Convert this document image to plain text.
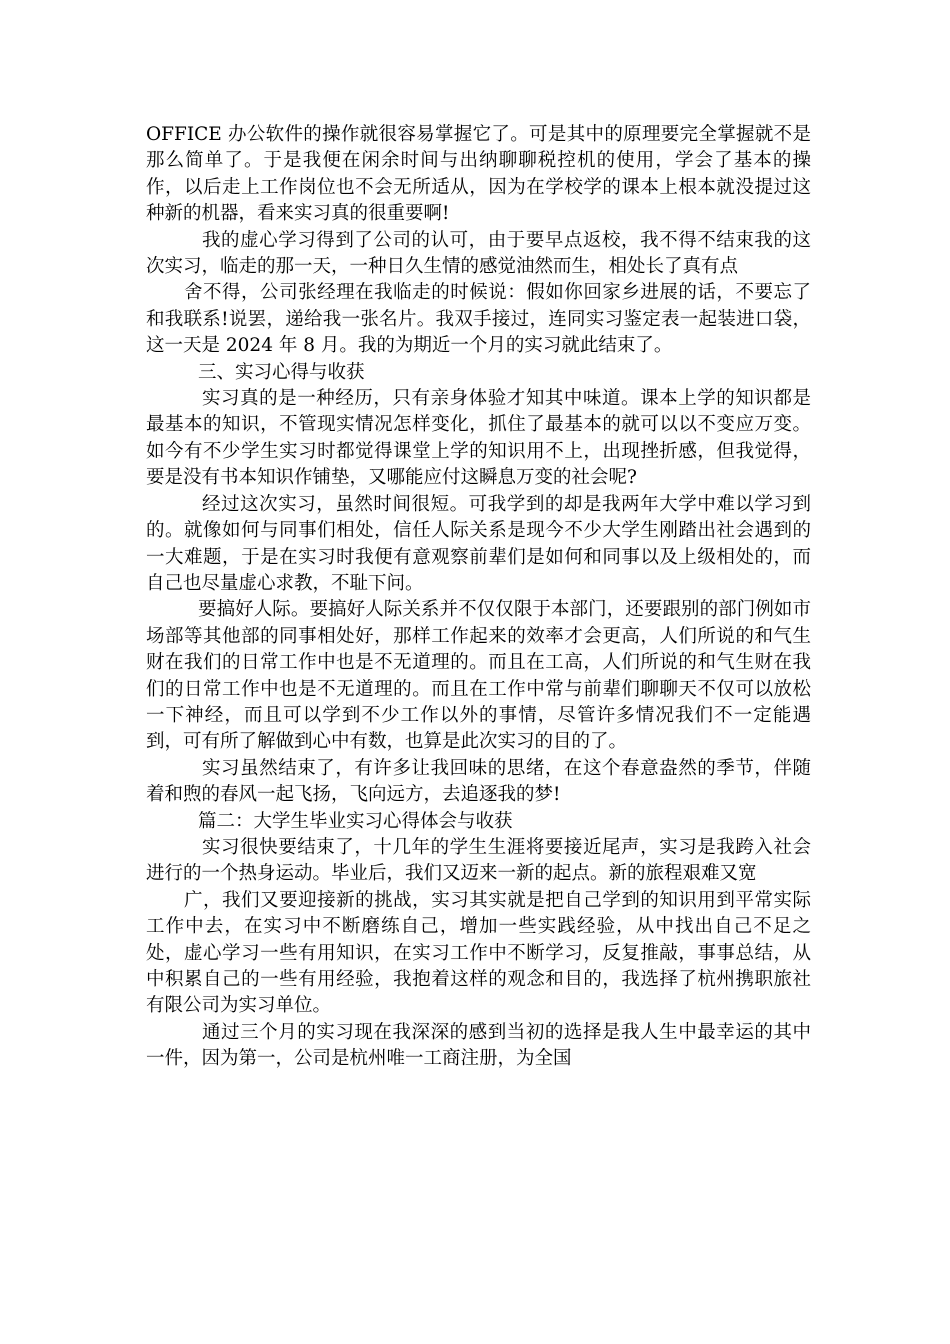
OFFICE 办公软件的操作就很容易掌握它了。可是其中的原理要完全掌握就不是那么简单了。于是我便在闲余时间与出纳聊聊税控机的使用，学会了基本的操作，以后走上工作岗位也不会无所适从，因为在学校学的课本上根本就没提过这种新的机器，看来实习真的很重要啊!

我的虚心学习得到了公司的认可，由于要早点返校，我不得不结束我的这次实习，临走的那一天，一种日久生情的感觉油然而生，相处长了真有点

舍不得，公司张经理在我临走的时候说：假如你回家乡进展的话，不要忘了和我联系!说罢，递给我一张名片。我双手接过，连同实习鉴定表一起装进口袋，这一天是 2024 年 8 月。我的为期近一个月的实习就此结束了。

三、实习心得与收获

实习真的是一种经历，只有亲身体验才知其中味道。课本上学的知识都是最基本的知识，不管现实情况怎样变化，抓住了最基本的就可以以不变应万变。如今有不少学生实习时都觉得课堂上学的知识用不上，出现挫折感，但我觉得，要是没有书本知识作铺垫，又哪能应付这瞬息万变的社会呢?

经过这次实习，虽然时间很短。可我学到的却是我两年大学中难以学习到的。就像如何与同事们相处，信任人际关系是现今不少大学生刚踏出社会遇到的一大难题，于是在实习时我便有意观察前辈们是如何和同事以及上级相处的，而自己也尽量虚心求教，不耻下问。

要搞好人际。要搞好人际关系并不仅仅限于本部门，还要跟别的部门例如市场部等其他部的同事相处好，那样工作起来的效率才会更高，人们所说的和气生财在我们的日常工作中也是不无道理的。而且在工高，人们所说的和气生财在我们的日常工作中也是不无道理的。而且在工作中常与前辈们聊聊天不仅可以放松一下神经，而且可以学到不少工作以外的事情，尽管许多情况我们不一定能遇到，可有所了解做到心中有数，也算是此次实习的目的了。

实习虽然结束了，有许多让我回味的思绪，在这个春意盎然的季节，伴随着和煦的春风一起飞扬，飞向远方，去追逐我的梦!

篇二：大学生毕业实习心得体会与收获

实习很快要结束了，十几年的学生生涯将要接近尾声，实习是我跨入社会进行的一个热身运动。毕业后，我们又迈来一新的起点。新的旅程艰难又宽

广，我们又要迎接新的挑战，实习其实就是把自己学到的知识用到平常实际工作中去，在实习中不断磨练自己，增加一些实践经验，从中找出自己不足之处，虚心学习一些有用知识，在实习工作中不断学习，反复推敲，事事总结，从中积累自己的一些有用经验，我抱着这样的观念和目的，我选择了杭州携职旅社有限公司为实习单位。

通过三个月的实习现在我深深的感到当初的选择是我人生中最幸运的其中一件，因为第一，公司是杭州唯一工商注册，为全国
